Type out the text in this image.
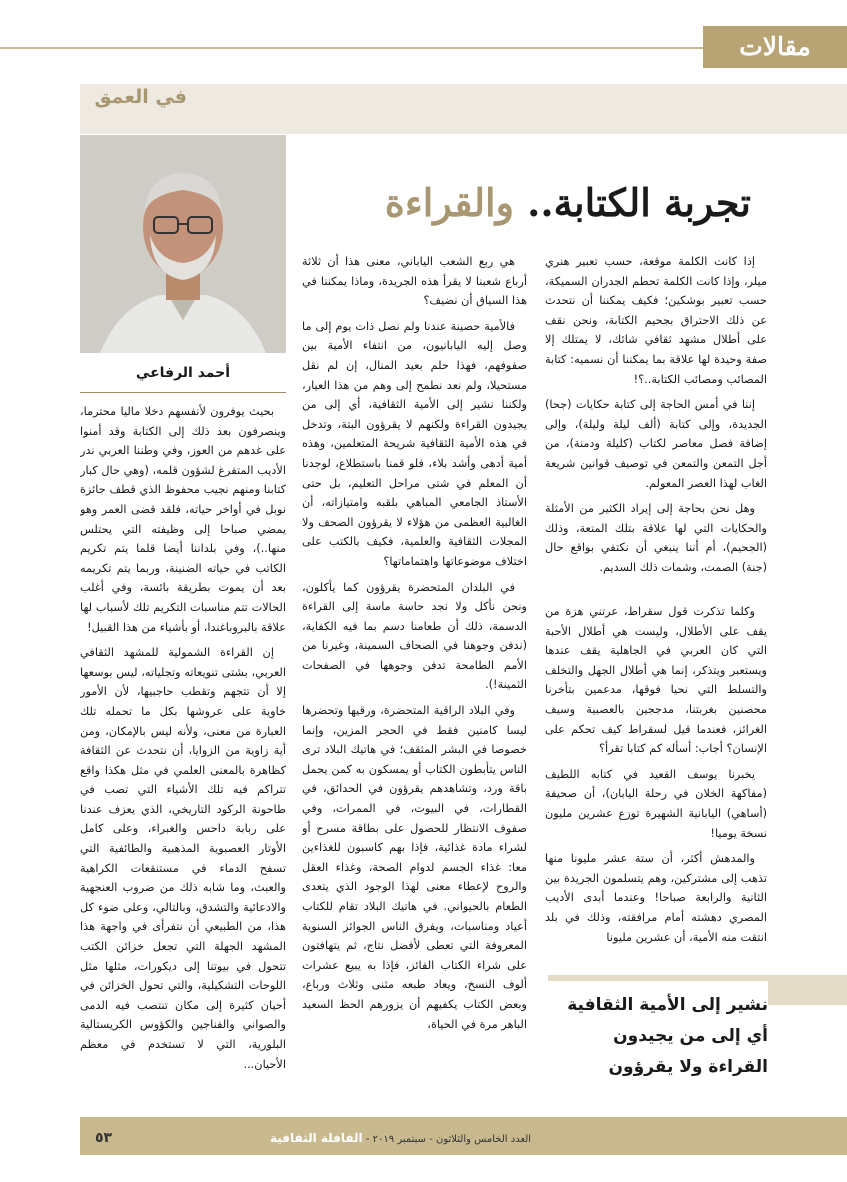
مقالات
في العمق
أحمد الرفاعي
تجربة الكتابة.. والقراءة

إذا كانت الكلمة موقعة، حسب تعبير هنري ميلر، وإذا كانت الكلمة تحطم الجدران السميكة، حسب تعبير بوشكين؛ فكيف يمكننا أن نتحدث عن ذلك الاحتراق بجحيم الكتابة، ونحن نقف على أطلال مشهد ثقافي شائك، لا يمتلك إلا صفة وحيدة لها علاقة بما يمكننا أن نسميه: كتابة المصائب ومصائب الكتابة..؟!

إننا في أمس الحاجة إلى كتابة حكايات (جحا) الجديدة، وإلى كتابة (ألف ليلة وليلة)، وإلى إضافة فصل معاصر لكتاب (كليلة ودمنة)، من أجل التمعن والتمعن في توصيف قوانين شريعة الغاب لهذا العصر المعولم.

وهل نحن بحاجة إلى إيراد الكثير من الأمثلة والحكايات التي لها علاقة بتلك المتعة، وذلك (الجحيم)، أم أننا ينبغي أن نكتفي بواقع حال (جنة) الصمت، وشمات ذلك السديم.

وكلما تذكرت قول سقراط، عرتني هزة من يقف على الأطلال، وليست هي أطلال الأحبة التي كان العربي في الجاهلية يقف عندها ويستعبر ويتذكر، إنما هي أطلال الجهل والتخلف والتسلط التي نحيا فوقها، مدعمين بتأخرنا محصنين بغربتنا، مدججين بالعصبية وسيف الغرائز، فعندما قيل لسقراط كيف تحكم على الإنسان؟ أجاب: أسأله كم كتابا تقرأ؟

يخبرنا يوسف القعيد في كتابه اللطيف (مفاكهة الخلان في رحلة اليابان)، أن صحيفة (أساهي) اليابانية الشهيرة توزع عشرين مليون نسخة يوميا!

والمدهش أكثر، أن ستة عشر مليونا منها تذهب إلى مشتركين، وهم يتسلمون الجريدة بين الثانية والرابعة صباحا! وعندما أبدى الأديب المصري دهشته أمام مرافقته، وذلك في بلد انتقت منه الأمية، أن عشرين مليونا

هي ربع الشعب الياباني، معنى هذا أن ثلاثة أرباع شعبنا لا يقرأ هذه الجريدة، وماذا يمكننا في هذا السياق أن نضيف؟

فالأمية حصينة عندنا ولم نصل ذات يوم إلى ما وصل إليه اليابانيون، من انتفاء الأمية بين صفوفهم، فهذا حلم بعيد المنال، إن لم نقل مستحيلا، ولم نعد نطمح إلى وهم من هذا العيار، ولكننا نشير إلى الأمية الثقافية، أي إلى من يجيدون القراءة ولكنهم لا يقرؤون البتة، وتدخل في هذه الأمية الثقافية شريحة المتعلمين، وهذه أمية أدهى وأشد بلاء، فلو قمنا باستطلاع، لوجدنا أن المعلم في شتى مراحل التعليم، بل حتى الأستاذ الجامعي المباهي بلقبه وامتيازاته، أن الغالبية العظمى من هؤلاء لا يقرؤون الصحف ولا المجلات الثقافية والعلمية، فكيف بالكتب على اختلاف موضوعاتها واهتماماتها؟

في البلدان المتحضرة يقرؤون كما يأكلون، ونحن نأكل ولا نجد حاسة ماسة إلى القراءة الدسمة، ذلك أن طعامنا دسم بما فيه الكفاية، (ندفن وجوهنا في الصحاف السمينة، وغيرنا من الأمم الطامحة تدفن وجوهها في الصفحات الثمينة!).

وفي البلاد الراقية المتحضرة، ورقيها وتحضرها ليسا كامنين فقط في الحجر المزين، وإنما خصوصا في البشر المثقف؛ في هاتيك البلاد ترى الناس يتأبطون الكتاب أو يمسكون به كمن يحمل باقة ورد، وتشاهدهم يقرؤون في الحدائق، في القطارات، في البيوت، في الممرات، وفي صفوف الانتظار للحصول على بطاقة مسرح أو لشراء مادة غذائية، فإذا بهم كاسبون للغذاءين معا: غذاء الجسم لدوام الصحة، وغذاء العقل والروح لإعطاء معنى لهذا الوجود الذي يتعدى الطعام بالحيواني. في هاتيك البلاد تقام للكتاب أعياد ومناسبات، ويفرق الناس الجوائز السنوية المعروفة التي تعطى لأفضل نتاج، ثم يتهافتون على شراء الكتاب الفائز، فإذا به يبيع عشرات ألوف النسخ، ويعاد طبعه مثنى وثلاث ورباع، وبعض الكتاب يكفيهم أن يزورهم الحظ السعيد الباهر مرة في الحياة،

بحيث يوفرون لأنفسهم دخلا ماليا محترما، وينصرفون بعد ذلك إلى الكتابة وقد أمنوا على غدهم من العوز، وفي وطننا العربي ندر الأديب المتفرغ لشؤون قلمه، (وهي حال كبار كتابنا ومنهم نجيب محفوظ الذي قطف جائزة نوبل في أواخر حياته، فلقد قضى العمر وهو يمضي صباحا إلى وظيفته التي يحتلس منها..)، وفي بلداننا أيضا قلما يتم تكريم الكاتب في حياته الضنينة، وربما يتم تكريمه بعد أن يموت بطريقة بائسة، وفي أغلب الحالات تتم مناسبات التكريم تلك لأسباب لها علاقة بالبروباغندا، أو بأشياء من هذا القبيل!

إن القراءة الشمولية للمشهد الثقافي العربي، بشتى تنويعاته وتجلياته، ليس بوسعها إلا أن تتجهم وتقطب حاجبيها، لأن الأمور خاوية على عروشها بكل ما تحمله تلك العبارة من معنى، ولأنه ليس بالإمكان، ومن أية زاوية من الزوايا، أن نتحدث عن الثقافة كظاهرة بالمعنى العلمي في مثل هكذا واقع تتراكم فيه تلك الأشياء التي تصب في طاحونة الركود التاريخي، الذي يعزف عندنا على ربابة داحس والغبراء، وعلى كامل الأوتار العصبوية المذهبية والطائفية التي تسفح الدماء في مستنقعات الكراهية والعبث، وما شابه ذلك من ضروب العنجهية والادعائية والتشدق، وبالتالي، وعلى ضوء كل هذا، من الطبيعي أن نتفرأى في واجهة هذا المشهد الجهلة التي تجعل خزائن الكتب تتحول في بيوتنا إلى ديكورات، مثلها مثل اللوحات التشكيلية، والتي تحول الخزائن في أحيان كثيرة إلى مكان تنتصب فيه الدمى والصواني والفناجين والكؤوس الكريستالية البلورية، التي لا تستخدم في معظم الأحيان...

نشير إلى الأمية الثقافية أي إلى من يجيدون القراءة ولا يقرؤون
العدد الخامس والثلاثون - سبتمبر ٢٠١٩ - القافلة الثقافية
٥٣
